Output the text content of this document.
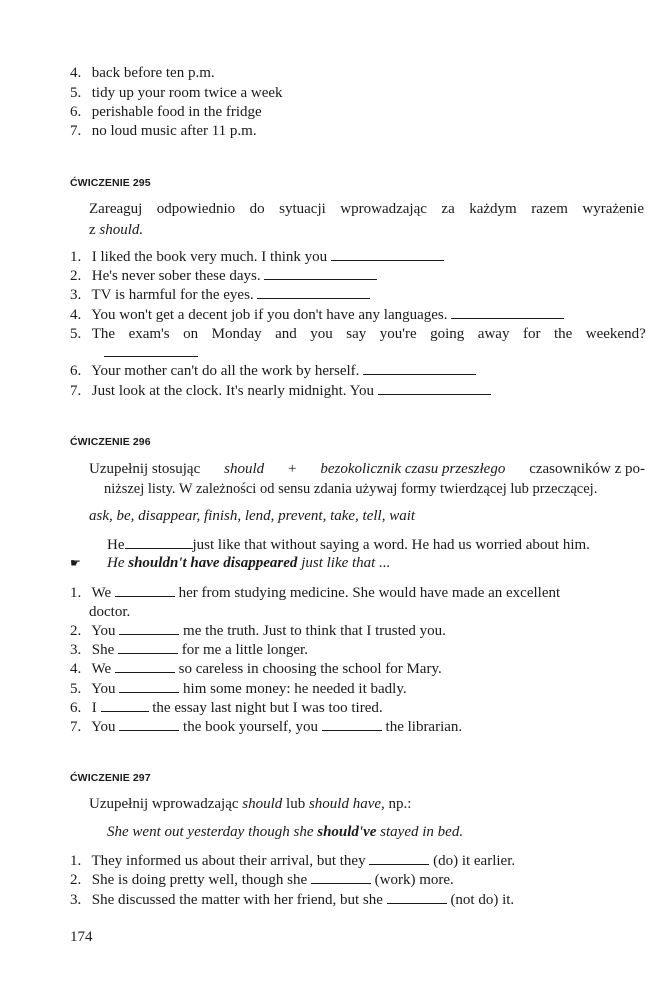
4. back before ten p.m.
5. tidy up your room twice a week
6. perishable food in the fridge
7. no loud music after 11 p.m.
ĆWICZENIE 295
Zareaguj odpowiednio do sytuacji wprowadzając za każdym razem wyrażenie
z should.
1. I liked the book very much. I think you
2. He's never sober these days.
3. TV is harmful for the eyes.
4. You won't get a decent job if you don't have any languages.
5. The exam's on Monday and you say you're going away for the weekend?
6. Your mother can't do all the work by herself.
7. Just look at the clock. It's nearly midnight. You
ĆWICZENIE 296
Uzupełnij stosując should + bezokolicznik czasu przeszłego czasowników z po-
niższej listy. W zależności od sensu zdania używaj formy twierdzącej lub przeczącej.
ask, be, disappear, finish, lend, prevent, take, tell, wait
He	just like that without saying a word. He had us worried about him.
☛ He shouldn't have disappeared just like that ...
1. We	her from studying medicine. She would have made an excellent
doctor.
2. You	me the truth. Just to think that I trusted you.
3. She	for me a little longer.
4. We	so careless in choosing the school for Mary.
5. You	him some money: he needed it badly.
6. I	the essay last night but I was too tired.
7. You	the book yourself, you	the librarian.
ĆWICZENIE 297
Uzupełnij wprowadzając should lub should have, np.:
She went out yesterday though she should've stayed in bed.
1. They informed us about their arrival, but they	(do) it earlier.
2. She is doing pretty well, though she	(work) more.
3. She discussed the matter with her friend, but she	(not do) it.
174
